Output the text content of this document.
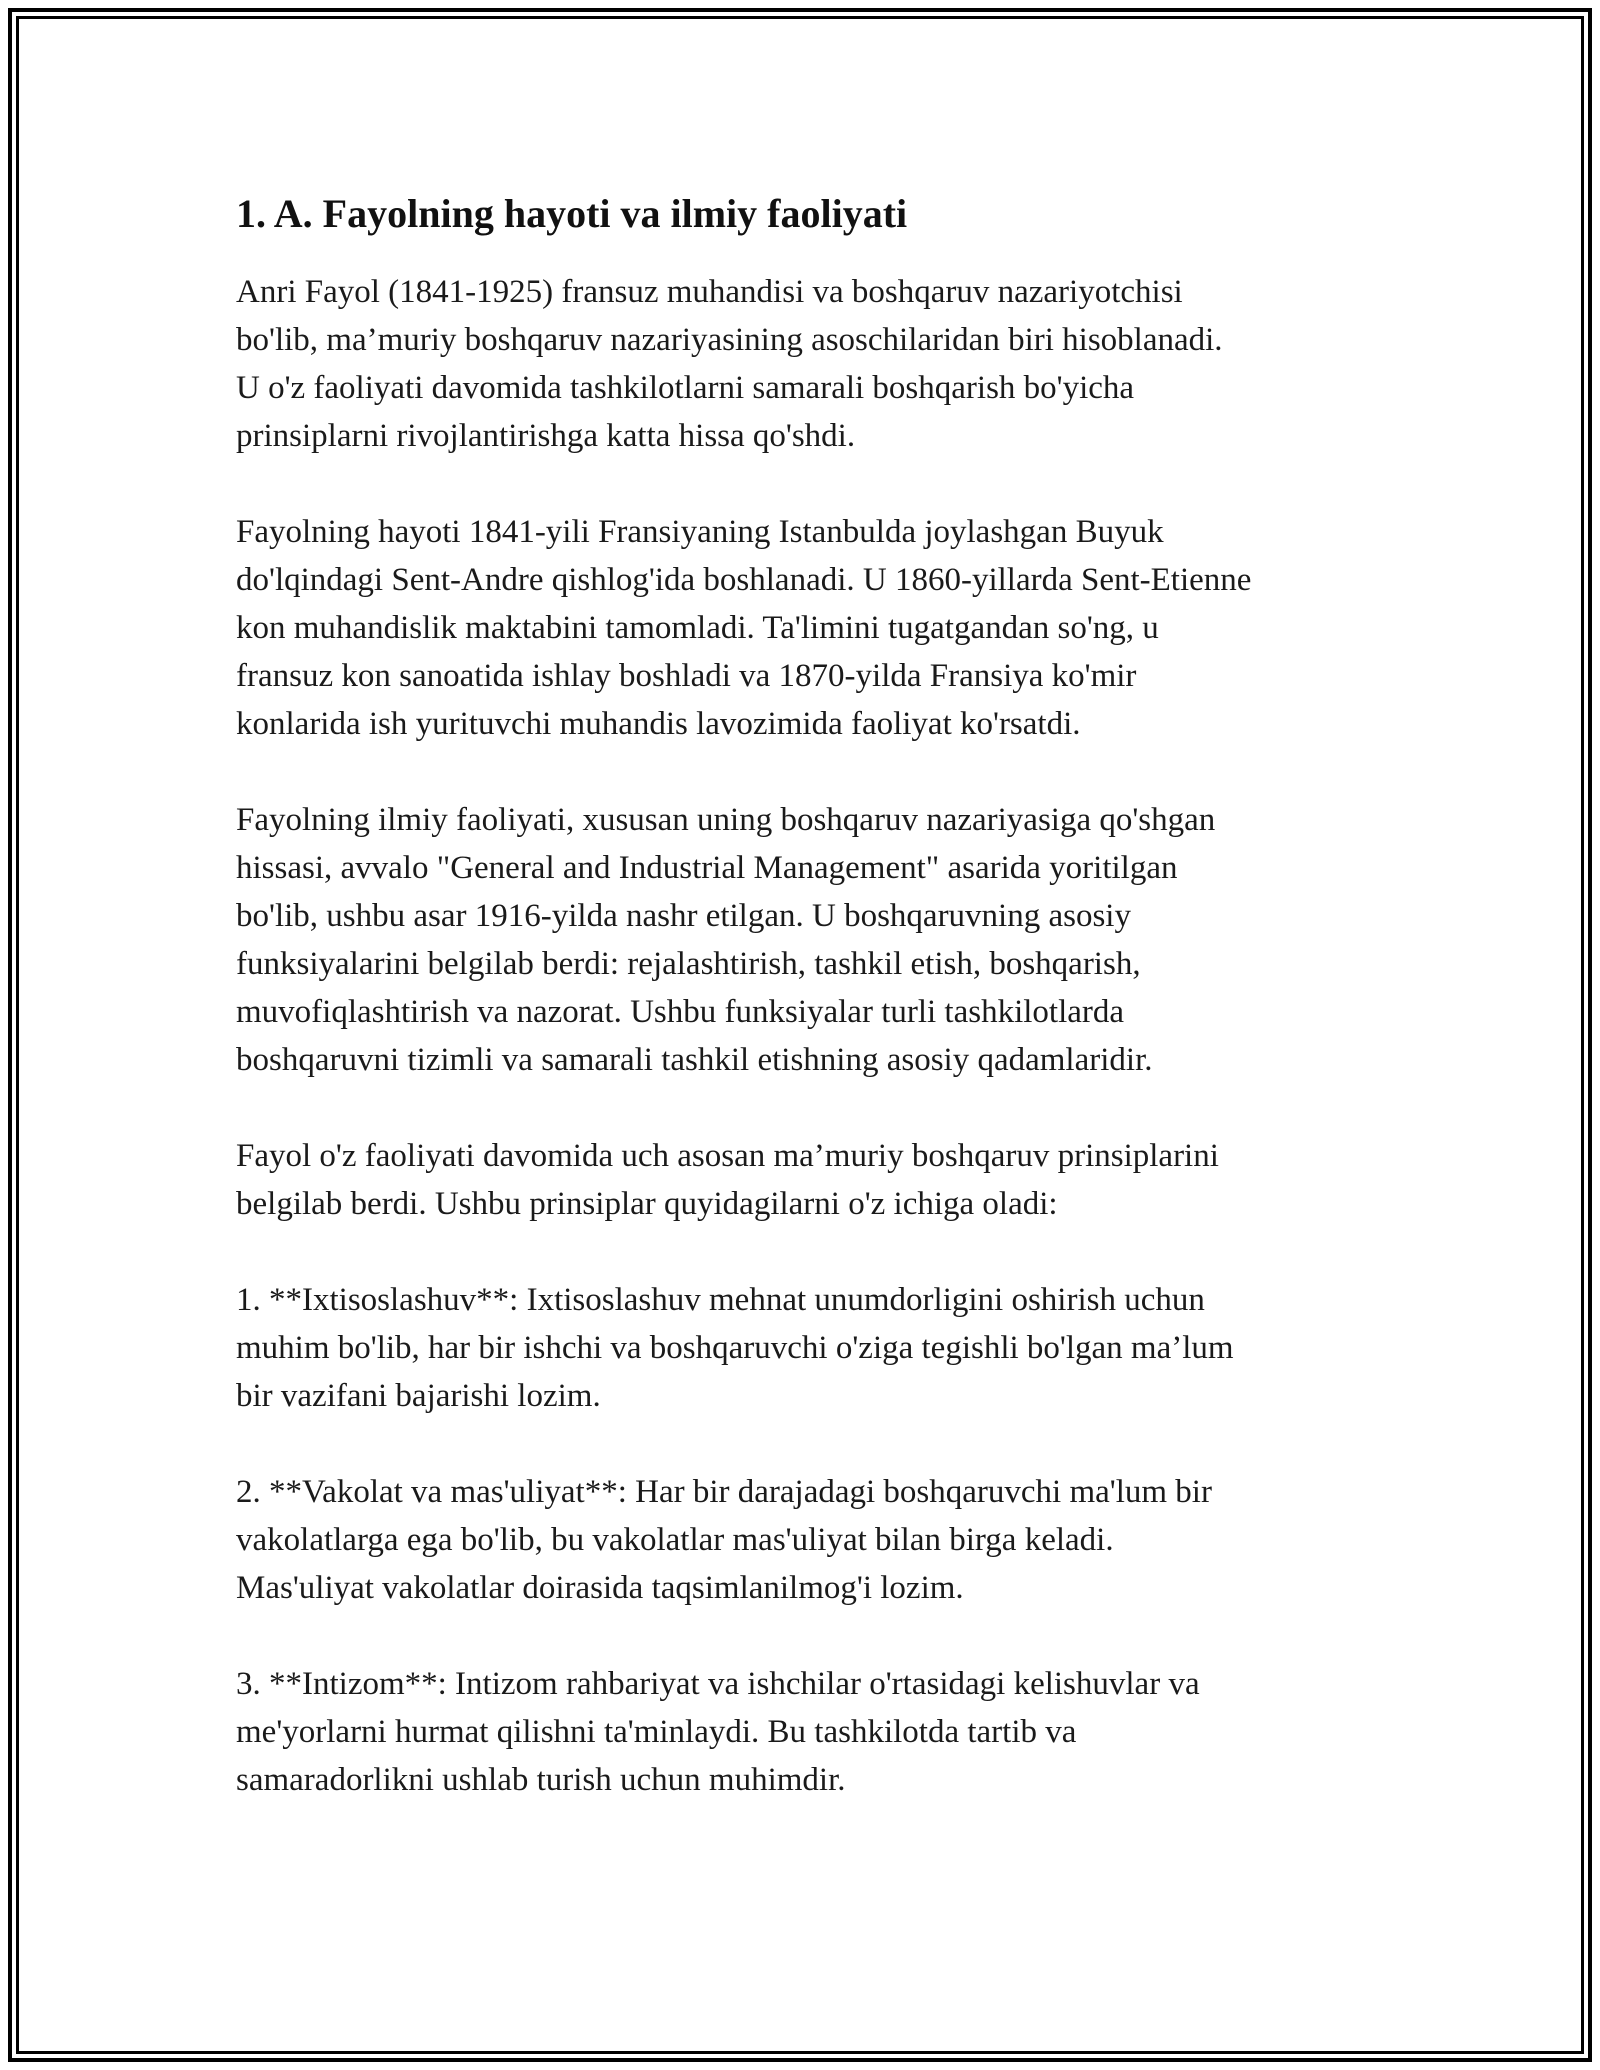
1. A. Fayolning hayoti va ilmiy faoliyati

Anri Fayol (1841-1925) fransuz muhandisi va boshqaruv nazariyotchisi
bo'lib, ma’muriy boshqaruv nazariyasining asoschilaridan biri hisoblanadi.
U o'z faoliyati davomida tashkilotlarni samarali boshqarish bo'yicha
prinsiplarni rivojlantirishga katta hissa qo'shdi.

Fayolning hayoti 1841-yili Fransiyaning Istanbulda joylashgan Buyuk
do'lqindagi Sent-Andre qishlog'ida boshlanadi. U 1860-yillarda Sent-Etienne
kon muhandislik maktabini tamomladi. Ta'limini tugatgandan so'ng, u
fransuz kon sanoatida ishlay boshladi va 1870-yilda Fransiya ko'mir
konlarida ish yurituvchi muhandis lavozimida faoliyat ko'rsatdi.

Fayolning ilmiy faoliyati, xususan uning boshqaruv nazariyasiga qo'shgan
hissasi, avvalo "General and Industrial Management" asarida yoritilgan
bo'lib, ushbu asar 1916-yilda nashr etilgan. U boshqaruvning asosiy
funksiyalarini belgilab berdi: rejalashtirish, tashkil etish, boshqarish,
muvofiqlashtirish va nazorat. Ushbu funksiyalar turli tashkilotlarda
boshqaruvni tizimli va samarali tashkil etishning asosiy qadamlaridir.

Fayol o'z faoliyati davomida uch asosan ma’muriy boshqaruv prinsiplarini
belgilab berdi. Ushbu prinsiplar quyidagilarni o'z ichiga oladi:

1. **Ixtisoslashuv**: Ixtisoslashuv mehnat unumdorligini oshirish uchun
muhim bo'lib, har bir ishchi va boshqaruvchi o'ziga tegishli bo'lgan ma’lum
bir vazifani bajarishi lozim.

2. **Vakolat va mas'uliyat**: Har bir darajadagi boshqaruvchi ma'lum bir
vakolatlarga ega bo'lib, bu vakolatlar mas'uliyat bilan birga keladi.
Mas'uliyat vakolatlar doirasida taqsimlanilmog'i lozim.

3. **Intizom**: Intizom rahbariyat va ishchilar o'rtasidagi kelishuvlar va
me'yorlarni hurmat qilishni ta'minlaydi. Bu tashkilotda tartib va
samaradorlikni ushlab turish uchun muhimdir.
